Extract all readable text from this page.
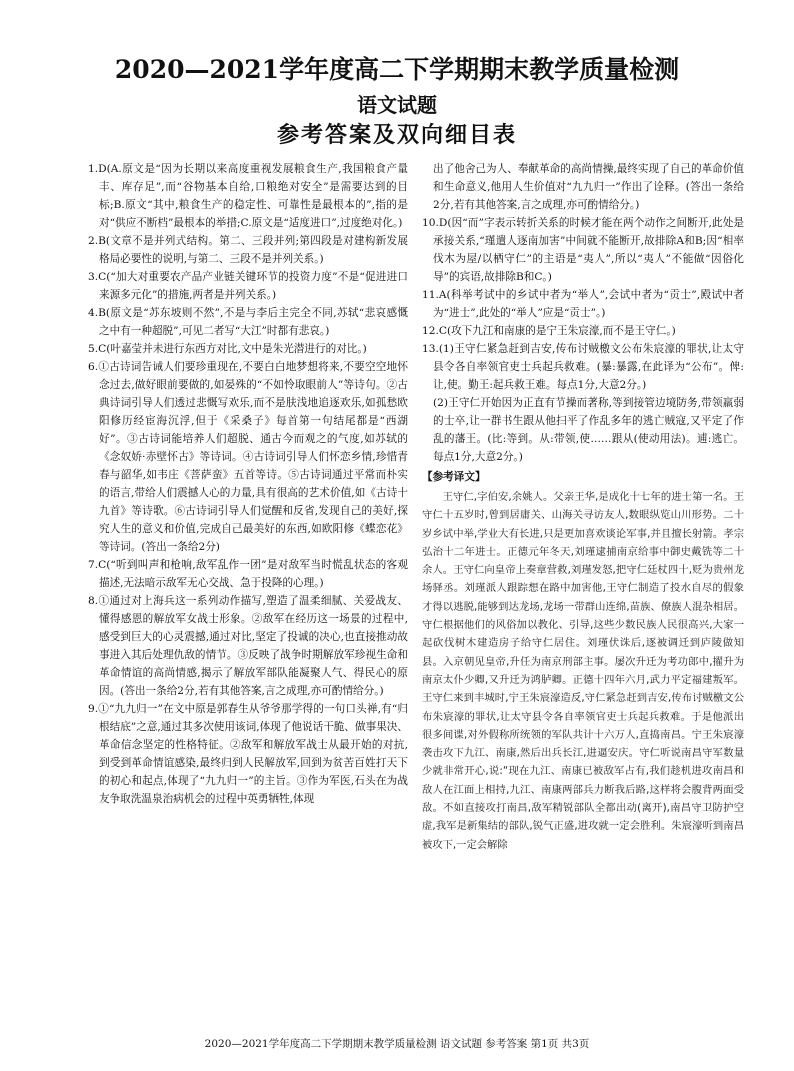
2020—2021学年度高二下学期期末教学质量检测
语文试题
参考答案及双向细目表

1.D(A.原文是“因为长期以来高度重视发展粮食生产,我国粮食产量丰、库存足”,而“谷物基本自给,口粮绝对安全”是需要达到的目标;B.原文“其中,粮食生产的稳定性、可靠性是最根本的”,指的是对“供应不断档”最根本的举措;C.原文是“适度进口”,过度绝对化。)

2.B(文章不是并列式结构。第二、三段并列;第四段是对建构新发展格局必要性的说明,与第二、三段不是并列关系。)

3.C(“加大对重要农产品产业链关键环节的投资力度”不是“促进进口来源多元化”的措施,两者是并列关系。)

4.B(原文是“苏东坡则不然”,不是与李后主完全不同,苏轼“悲哀感慨之中有一种超脱”,可见二者写“大江”时都有悲哀。)

5.C(叶嘉莹并未进行东西方对比,文中是朱光潜进行的对比。)

6.①古诗词告诫人们要珍重现在,不要白白地梦想将来,不要空空地怀念过去,做好眼前要做的,如晏殊的“不如怜取眼前人”等诗句。②古典诗词引导人们透过悲慨写欢乐,而不是肤浅地追逐欢乐,如孤愁欧阳修历经宦海沉浮,但于《采桑子》每首第一句结尾都是“西湖好”。③古诗词能培养人们超脱、通古今而观之的气度,如苏轼的《念奴娇·赤壁怀古》等诗词。④古诗词引导人们怀恋乡情,珍惜青春与韶华,如韦庄《菩萨蛮》五首等诗。⑤古诗词通过平常而朴实的语言,带给人们震撼人心的力量,具有很高的艺术价值,如《古诗十九首》等诗歌。⑥古诗词引导人们觉醒和反省,发现自己的美好,探究人生的意义和价值,完成自己最美好的东西,如欧阳修《蝶恋花》等诗词。(答出一条给2分)

7.C(“听到叫声和枪响,敌军乱作一团”是对敌军当时慌乱状态的客观描述,无法暗示敌军无心交战、急于投降的心理。)

8.①通过对上海兵这一系列动作描写,塑造了温柔细腻、关爱战友、懂得感恩的解放军女战士形象。②敌军在经历这一场景的过程中,感受到巨大的心灵震撼,通过对比,坚定了投诚的决心,也直接推动故事进入其后处理仇敌的情节。③反映了战争时期解放军珍视生命和革命情谊的高尚情感,揭示了解放军部队能凝聚人气、得民心的原因。(答出一条给2分,若有其他答案,言之成理,亦可酌情给分。)

9.①“九九归一”在文中原是郭春生从爷爷那学得的一句口头禅,有“归根结底”之意,通过其多次使用该词,体现了他说话干脆、做事果决、革命信念坚定的性格特征。②敌军和解放军战士从最开始的对抗,到受到革命情谊感染,最终归到人民解放军,回到为贫苦百姓打天下的初心和起点,体现了“九九归一”的主旨。③作为军医,石头在为战友争取洗温泉治病机会的过程中英勇牺牲,体现

出了他舍己为人、奉献革命的高尚情操,最终实现了自己的革命价值和生命意义,他用人生价值对“九九归一”作出了诠释。(答出一条给2分,若有其他答案,言之成理,亦可酌情给分。)

10.D(因“而”字表示转折关系的时候才能在两个动作之间断开,此处是承接关系,“瑾遣人逐南加害”中间就不能断开,故排除A和B;因“相率伐木为屋/以栖守仁”的主语是“夷人”,所以“夷人”不能做“因俗化导”的宾语,故排除B和C。)

11.A(科举考试中的乡试中者为“举人”,会试中者为“贡士”,殿试中者为“进士”,此处的“举人”应是“贡士”。)

12.C(攻下九江和南康的是宁王朱宸濠,而不是王守仁。)

13.(1)王守仁紧急赶到吉安,传布讨贼檄文公布朱宸濠的罪状,让太守县令各自率领官吏士兵起兵救难。(暴:暴露,在此译为“公布”。俾:让,使。勤王:起兵救王难。每点1分,大意2分。)

(2)王守仁开始因为正直有节操而著称,等到接管边境防务,带领羸弱的士卒,让一群书生跟从他扫平了作乱多年的逃亡贼寇,又平定了作乱的藩王。(比:等到。从:带领,使……跟从(使动用法)。逋:逃亡。每点1分,大意2分。)

【参考译文】

王守仁,字伯安,余姚人。父亲王华,是成化十七年的进士第一名。王守仁十五岁时,曾到居庸关、山海关寻访友人,数眼纵览山川形势。二十岁乡试中举,学业大有长进,只是更加喜欢谈论军事,并且擅长射箭。孝宗弘治十二年进士。正德元年冬天,刘瑾逮捕南京给事中御史戴铣等二十余人。王守仁向皇帝上奏章营救,刘瑾发怒,把守仁廷杖四十,贬为贵州龙场驿丞。刘瑾派人跟踪想在路中加害他,王守仁制造了投水自尽的假象才得以逃脱,能够到达龙场,龙场一带群山连绵,苗族、僚族人混杂相居。守仁根据他们的风俗加以教化、引导,这些少数民族人民很高兴,大家一起砍伐树木建造房子给守仁居住。刘瑾伏诛后,逐被调迁到庐陵做知县。入京朝见皇帝,升任为南京刑部主事。屡次升迁为考功郎中,擢升为南京太仆少卿,又升迁为鸿胪卿。正德十四年六月,武力平定福建叛军。王守仁来到丰城时,宁王朱宸濠造反,守仁紧急赶到吉安,传布讨贼檄文公布朱宸濠的罪状,让太守县令各自率领官吏士兵起兵救难。于是他派出很多间谍,对外假称所统领的军队共计十六万人,直捣南昌。宁王朱宸濠袭击攻下九江、南康,然后出兵长江,进逼安庆。守仁听说南昌守军数量少就非常开心,说:“现在九江、南康已被敌军占有,我们趁机进攻南昌和敌人在江面上相持,九江、南康两部兵力断我后路,这样将会腹背两面受敌。不如直接攻打南昌,敌军精锐部队全都出动(离开),南昌守卫防护空虚,我军是新集结的部队,锐气正盛,进攻就一定会胜利。朱宸濠听到南昌被攻下,一定会解除

2020—2021学年度高二下学期期末教学质量检测 语文试题 参考答案 第1页 共3页
